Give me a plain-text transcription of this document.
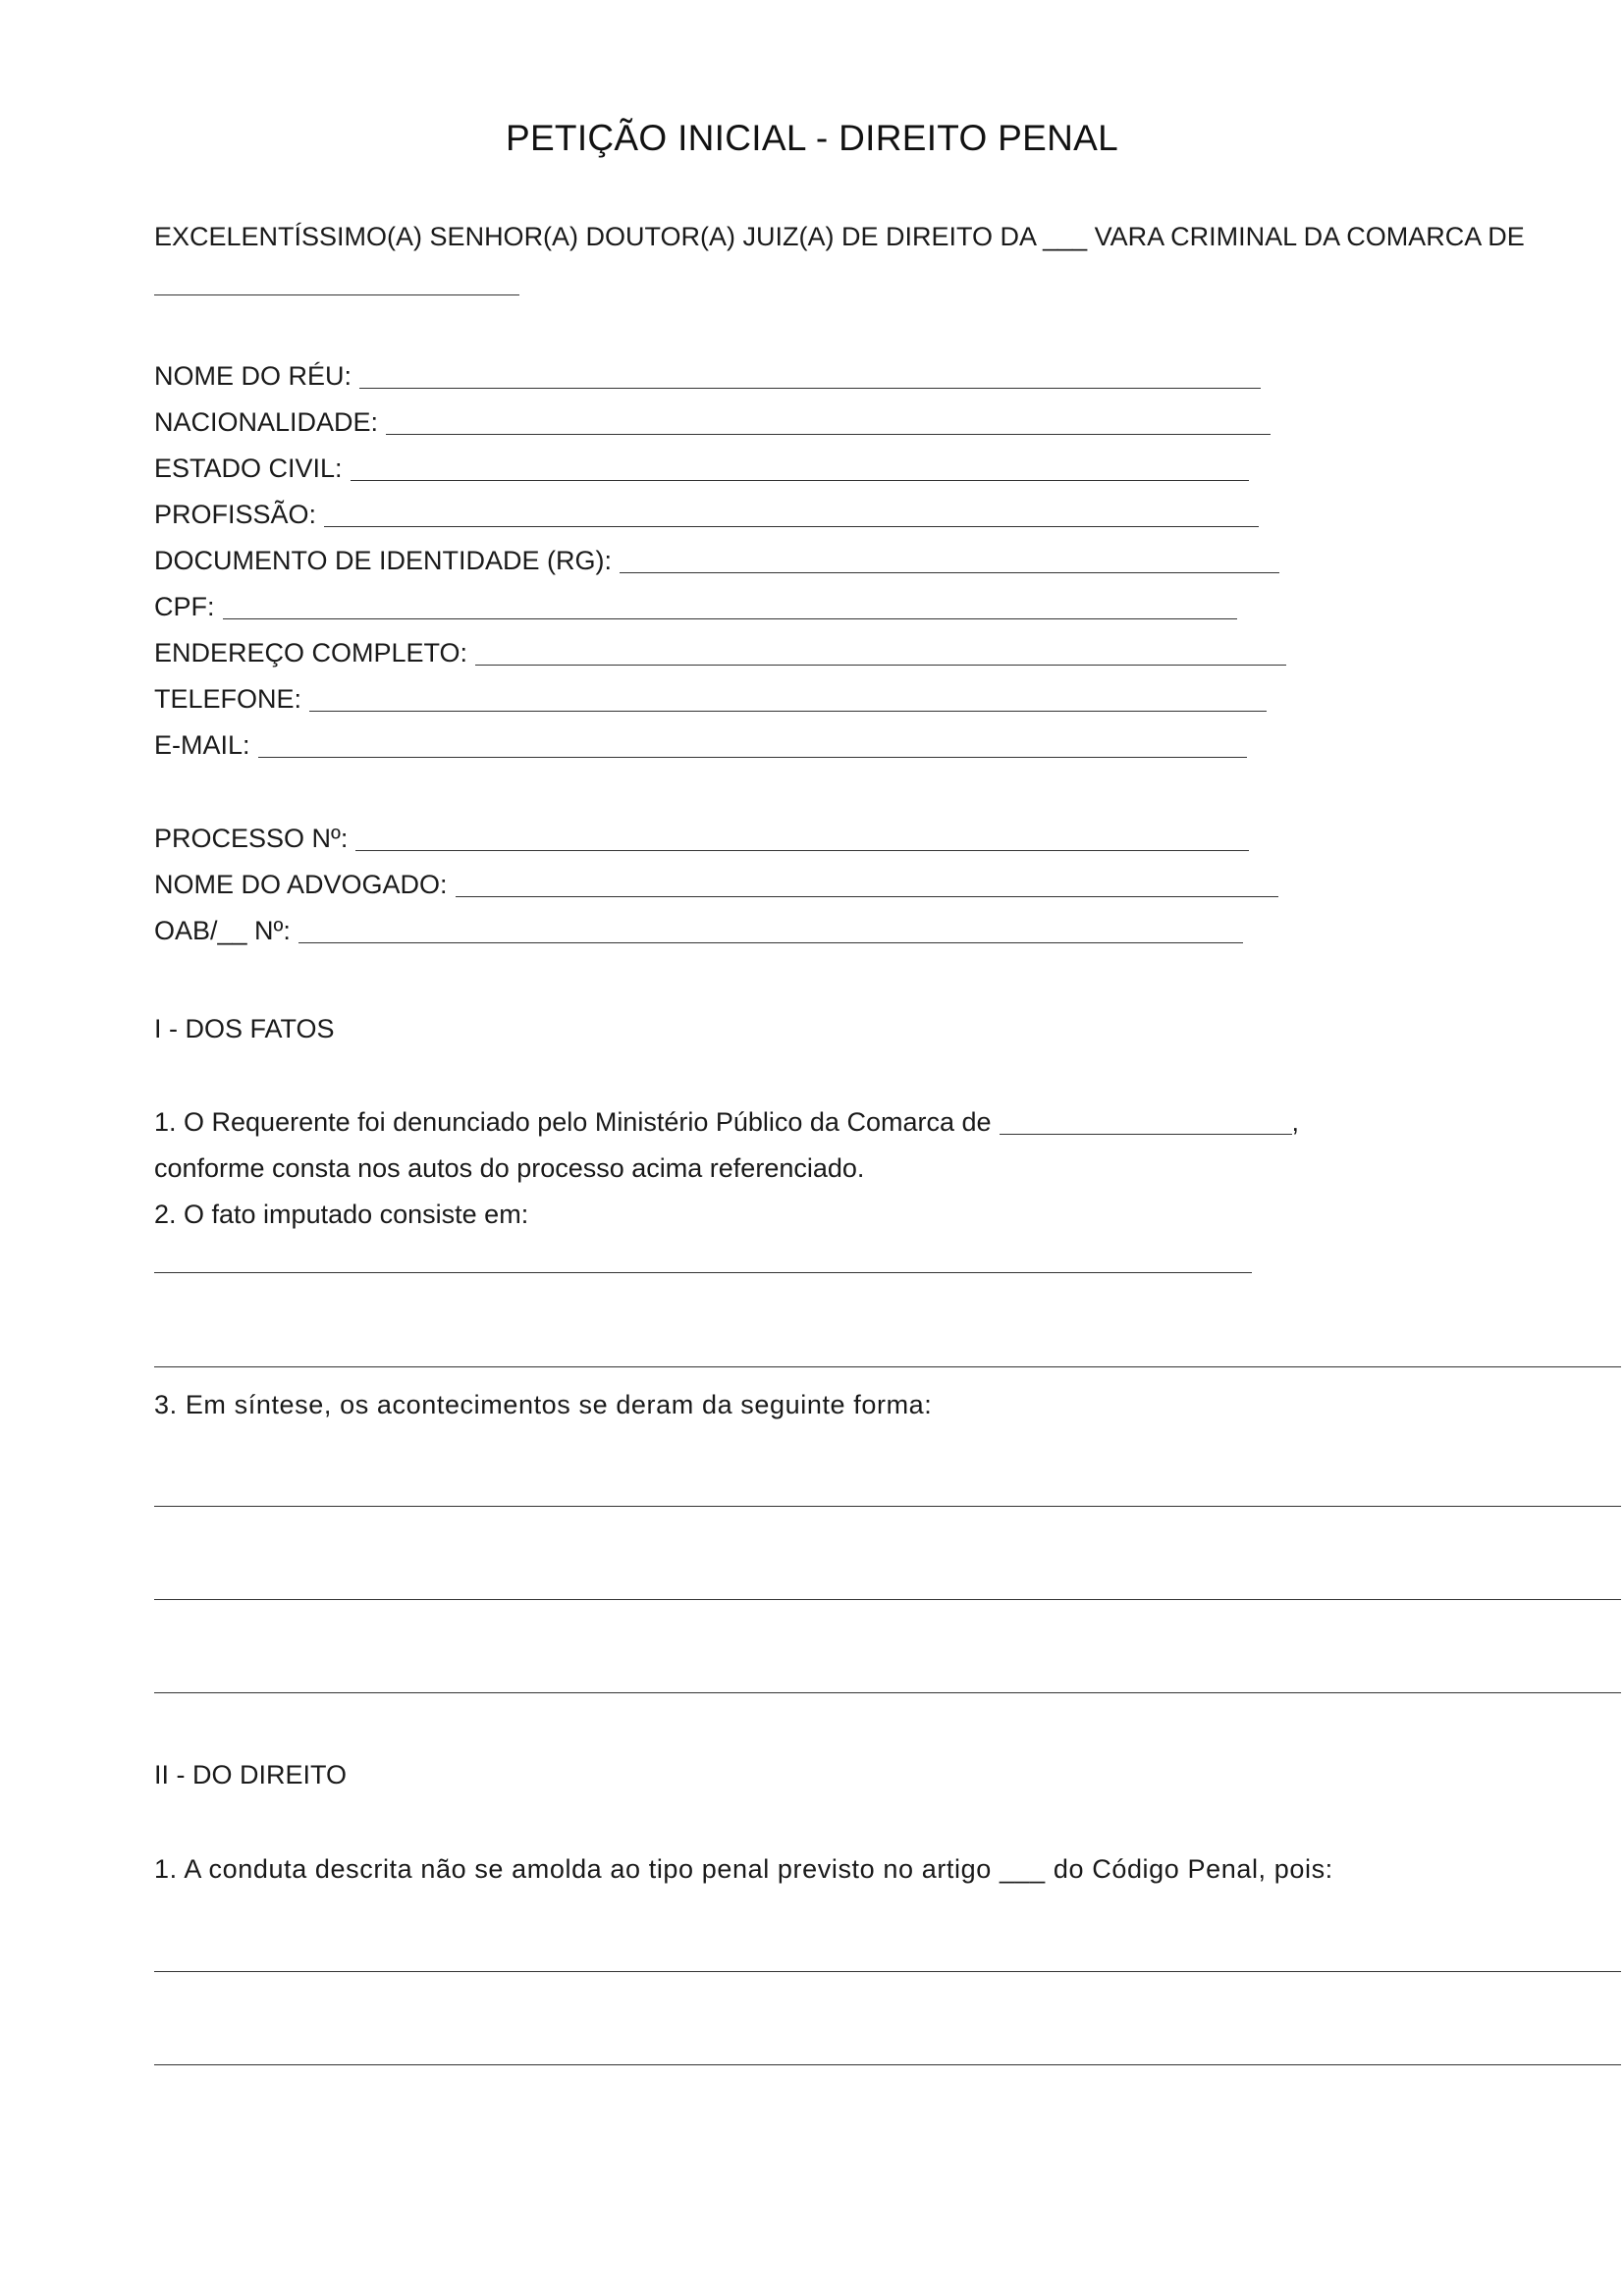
PETIÇÃO INICIAL - DIREITO PENAL
EXCELENTÍSSIMO(A) SENHOR(A) DOUTOR(A) JUIZ(A) DE DIREITO DA ___ VARA CRIMINAL DA COMARCA DE
NOME DO RÉU:
NACIONALIDADE:
ESTADO CIVIL:
PROFISSÃO:
DOCUMENTO DE IDENTIDADE (RG):
CPF:
ENDEREÇO COMPLETO:
TELEFONE:
E-MAIL:
PROCESSO Nº:
NOME DO ADVOGADO:
OAB/__ Nº:
I - DOS FATOS
1. O Requerente foi denunciado pelo Ministério Público da Comarca de	,
conforme consta nos autos do processo acima referenciado.
2. O fato imputado consiste em:
3. Em síntese, os acontecimentos se deram da seguinte forma:
II - DO DIREITO
1. A conduta descrita não se amolda ao tipo penal previsto no artigo ___ do Código Penal, pois:
